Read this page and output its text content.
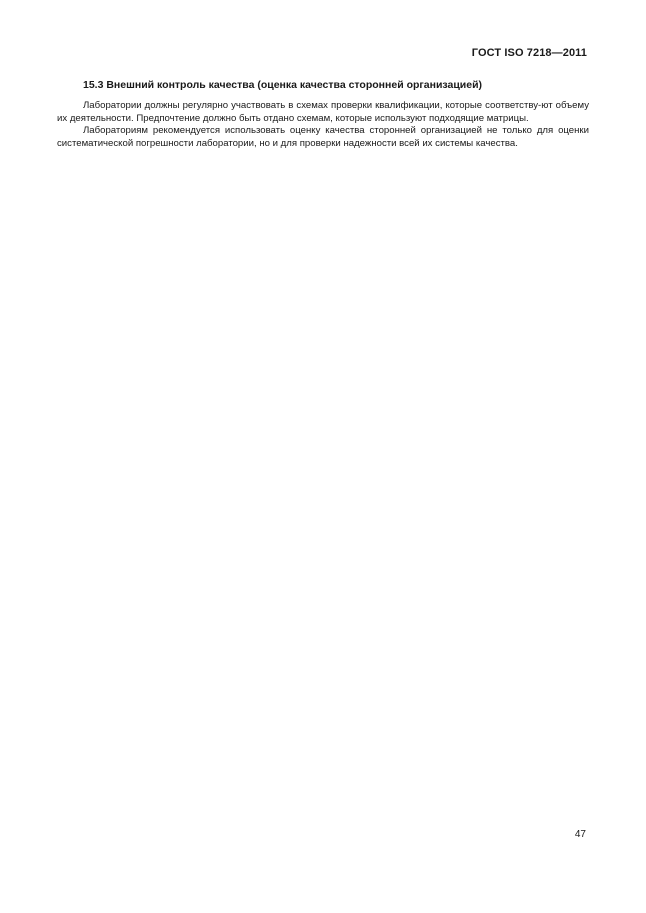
ГОСТ ISO 7218—2011
15.3 Внешний контроль качества (оценка качества сторонней организацией)

Лаборатории должны регулярно участвовать в схемах проверки квалификации, которые соответству-ют объему их деятельности. Предпочтение должно быть отдано схемам, которые используют подходящие матрицы.

Лабораториям рекомендуется использовать оценку качества сторонней организацией не только для оценки систематической погрешности лаборатории, но и для проверки надежности всей их системы качества.

47
